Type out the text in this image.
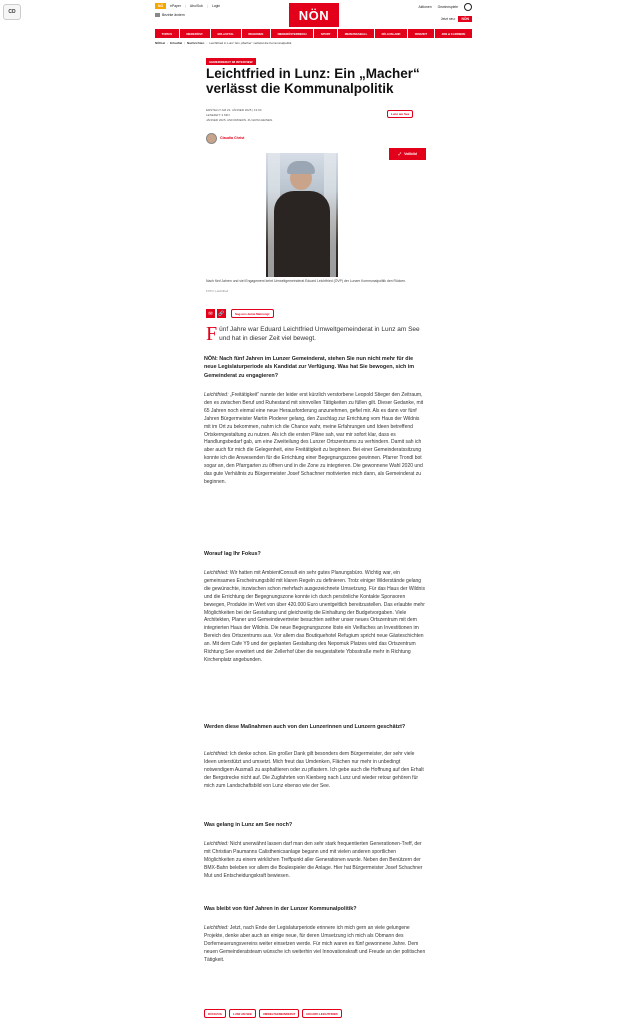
CD
NÖ	ePaper | Abo/Sub | Login
Bezirke ändern	NÖN
Aktionen Gewinnspiele
Jetzt neu:	NÖN
TOPICS	NIEDERÖST.	ERLAUFTAL	REGIONEN	NIEDERÖSTERREICH	SPORT	MEINUNGSBALL	NÖ-AUSLAND	FREIZEIT	JOB & KARRIERE
NÖN.at › Erlauftal | Nachrichten › Leichtfried in Lunz: Ein „Macher“ verlässt die Kommunalpolitik
GEMEINDERAT IM INTERVIEW
Leichtfried in Lunz: Ein „Macher“ verlässt die Kommunalpolitik
ERSTELLT AM 22. JÄNNER 2025 | 13:00
LESEZEIT: 3 MIN
JÄNNER 2025. ANFORDERN. ZU ERSCHEINEN.
Lunz am See
Claudia Christ
⤢ Vollbild
Nach fünf Jahren und viel Engagement kehrt Umweltgemeinderat Eduard Leichtfried (ÖVP) der Lunzer Kommunalpolitik den Rücken.
FOTO: Leichtfried
✉	🔗	Sag uns deine Meinung!
F ünf Jahre war Eduard Leichtfried Umweltgemeinderat in Lunz am See und hat in dieser Zeit viel bewegt.
NÖN: Nach fünf Jahren im Lunzer Gemeinderat, stehen Sie nun nicht mehr für die neue Legislaturperiode als Kandidat zur Verfügung. Was hat Sie bewogen, sich im Gemeinderat zu engagieren?
Leichtfried: „Freitätigkeit“ nannte der leider erst kürzlich verstorbene Leopold Stieger den Zeitraum, den es zwischen Beruf und Ruhestand mit sinnvollen Tätigkeiten zu füllen gilt. Dieser Gedanke, mit 65 Jahren noch einmal eine neue Herausforderung anzunehmen, gefiel mir. Als es dann vor fünf Jahren Bürgermeister Martin Ploderer gelang, den Zuschlag zur Errichtung vom Haus der Wildnis mit im Ort zu bekommen, nahm ich die Chance wahr, meine Erfahrungen und Ideen betreffend Ortskerngestaltung zu nutzen. Als ich die ersten Pläne sah, war mir sofort klar, dass es Handlungsbedarf gab, um eine Zweiteilung des Lunzer Ortszentrums zu verhindern. Damit sah ich aber auch für mich die Gelegenheit, eine Freitätigkeit zu beginnen. Bei einer Gemeinderatssitzung konnte ich die Anwesenden für die Errichtung einer Begegnungszone gewinnen. Pfarrer Trondl bot sogar an, den Pfarrgarten zu öffnen und in die Zone zu integrieren. Die gewonnene Wahl 2020 und das gute Verhältnis zu Bürgermeister Josef Schachner motivierten mich dann, als Gemeinderat zu beginnen.
Worauf lag Ihr Fokus?
Leichtfried: Wir hatten mit AmbientConsult ein sehr gutes Planungsbüro. Wichtig war, ein gemeinsames Erscheinungsbild mit klaren Regeln zu definieren. Trotz einiger Widerstände gelang die gewünschte, inzwischen schon mehrfach ausgezeichnete Umsetzung. Für das Haus der Wildnis und die Errichtung der Begegnungszone konnte ich durch persönliche Kontakte Sponsoren bewegen, Produkte im Wert von über 420.000 Euro unentgeltlich bereitzustellen. Das erlaubte mehr Möglichkeiten bei der Gestaltung und gleichzeitig die Einhaltung der Budgetvorgaben. Viele Architekten, Planer und Gemeindevertreter besuchten seither unser neues Ortszentrum mit dem integrierten Haus der Wildnis. Die neue Begegnungszone löste ein Vielfaches an Investitionen im Bereich des Ortszentrums aus. Vor allem das Boutiquehotel Refugium spricht neue Gästeschichten an. Mit dem Cafe Y9 und der geplanten Gestaltung des Nepomuk Platzes wird das Ortszentrum Richtung See erweitert und der Zellerhof über die neugestaltete Ybbsstraße mehr in Richtung Kirchenplatz angebunden.
Werden diese Maßnahmen auch von den Lunzerinnen und Lunzern geschätzt?
Leichtfried: Ich denke schon. Ein großer Dank gilt besonders dem Bürgermeister, der sehr viele Ideen unterstützt und umsetzt. Mich freut das Umdenken, Flächen nur mehr in unbedingt notwendigem Ausmaß zu asphaltieren oder zu pflastern. Ich gebe auch die Hoffnung auf den Erhalt der Bergstrecke nicht auf. Die Zugfahrten von Kienberg nach Lunz und wieder retour gehören für mich zum Landschaftsbild von Lunz ebenso wie der See.
Was gelang in Lunz am See noch?
Leichtfried: Nicht unerwähnt lassen darf man den sehr stark frequentierten Generationen-Treff, der mit Christian Paumanns Calisthenicsanlage begann und mit vielen anderen sportlichen Möglichkeiten zu einem wirklichen Treffpunkt aller Generationen wurde. Neben den Benützern der BMX-Bahn beleben vor allem die Boulespieler die Anlage. Hier hat Bürgermeister Josef Schachner Mut und Entscheidungskraft bewiesen.
Was bleibt von fünf Jahren in der Lunzer Kommunalpolitik?
Leichtfried: Jetzt, nach Ende der Legislaturperiode erinnere ich mich gern an viele gelungene Projekte, denke aber auch an einige neue, für deren Umsetzung ich mich als Obmann des Dorferneuerungsvereins weiter einsetzen werde. Für mich waren es fünf gewonnene Jahre. Dem neuen Gemeinderatsteam wünsche ich weiterhin viel Innovationskraft und Freude an der politischen Tätigkeit.
RÜCKZUG	LUNZ AM SEE	UMWELTGEMEINDERAT	EDUARD LEICHTFRIED
